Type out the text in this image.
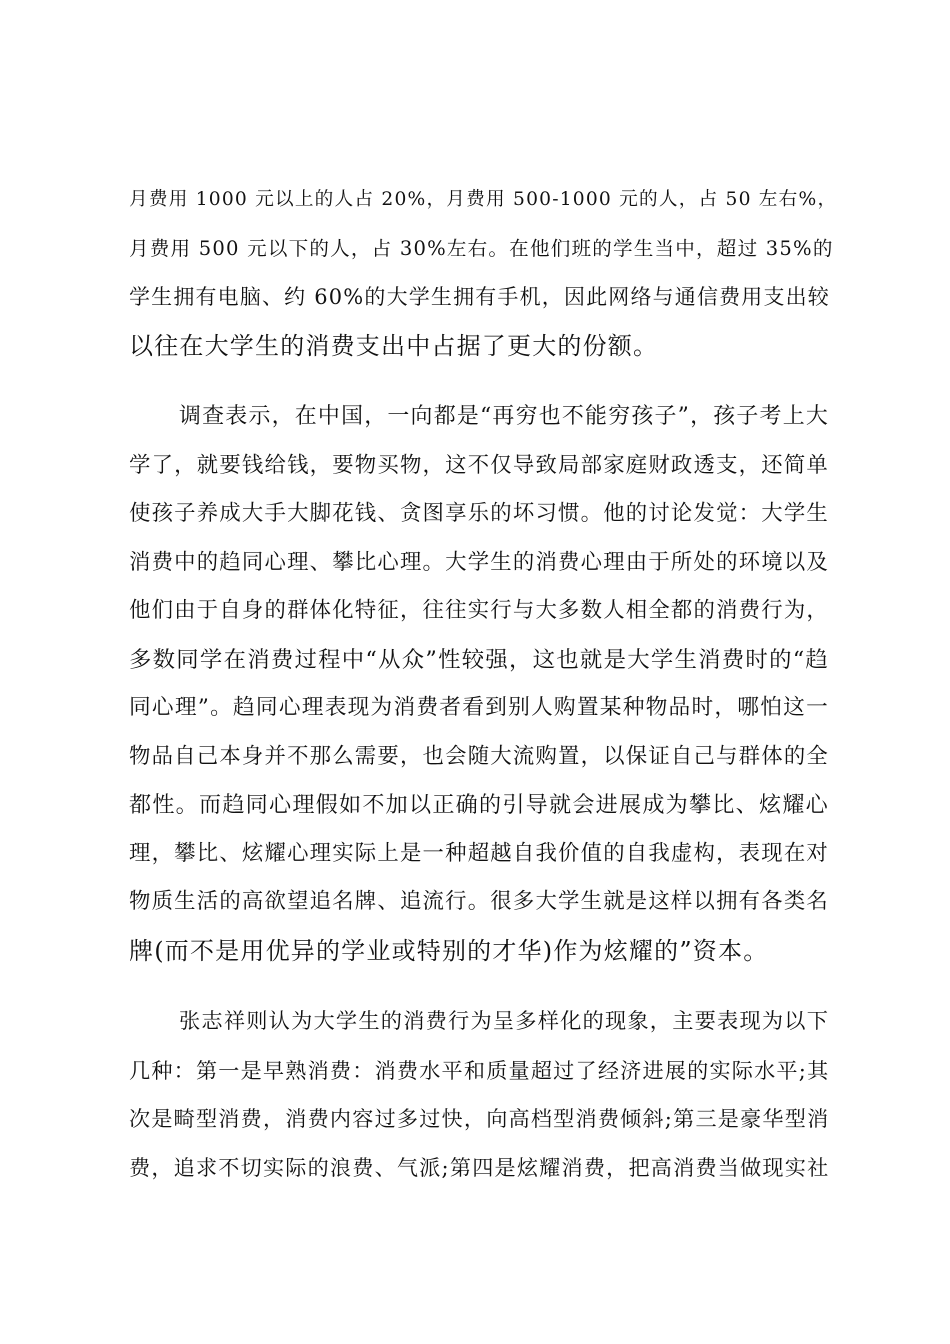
月费用 1000 元以上的人占 20%，月费用 500-1000 元的人，占 50 左右%，
月费用 500 元以下的人，占 30%左右。在他们班的学生当中，超过 35%的
学生拥有电脑、约 60%的大学生拥有手机，因此网络与通信费用支出较
以往在大学生的消费支出中占据了更大的份额。
调查表示，在中国，一向都是“再穷也不能穷孩子”，孩子考上大
学了，就要钱给钱，要物买物，这不仅导致局部家庭财政透支，还简单
使孩子养成大手大脚花钱、贪图享乐的坏习惯。他的讨论发觉：大学生
消费中的趋同心理、攀比心理。大学生的消费心理由于所处的环境以及
他们由于自身的群体化特征，往往实行与大多数人相全都的消费行为，
多数同学在消费过程中“从众”性较强，这也就是大学生消费时的“趋
同心理”。趋同心理表现为消费者看到别人购置某种物品时，哪怕这一
物品自己本身并不那么需要，也会随大流购置，以保证自己与群体的全
都性。而趋同心理假如不加以正确的引导就会进展成为攀比、炫耀心
理，攀比、炫耀心理实际上是一种超越自我价值的自我虚构，表现在对
物质生活的高欲望追名牌、追流行。很多大学生就是这样以拥有各类名
牌(而不是用优异的学业或特别的才华)作为炫耀的”资本。
张志祥则认为大学生的消费行为呈多样化的现象，主要表现为以下
几种：第一是早熟消费：消费水平和质量超过了经济进展的实际水平;其
次是畸型消费，消费内容过多过快，向高档型消费倾斜;第三是豪华型消
费，追求不切实际的浪费、气派;第四是炫耀消费，把高消费当做现实社
